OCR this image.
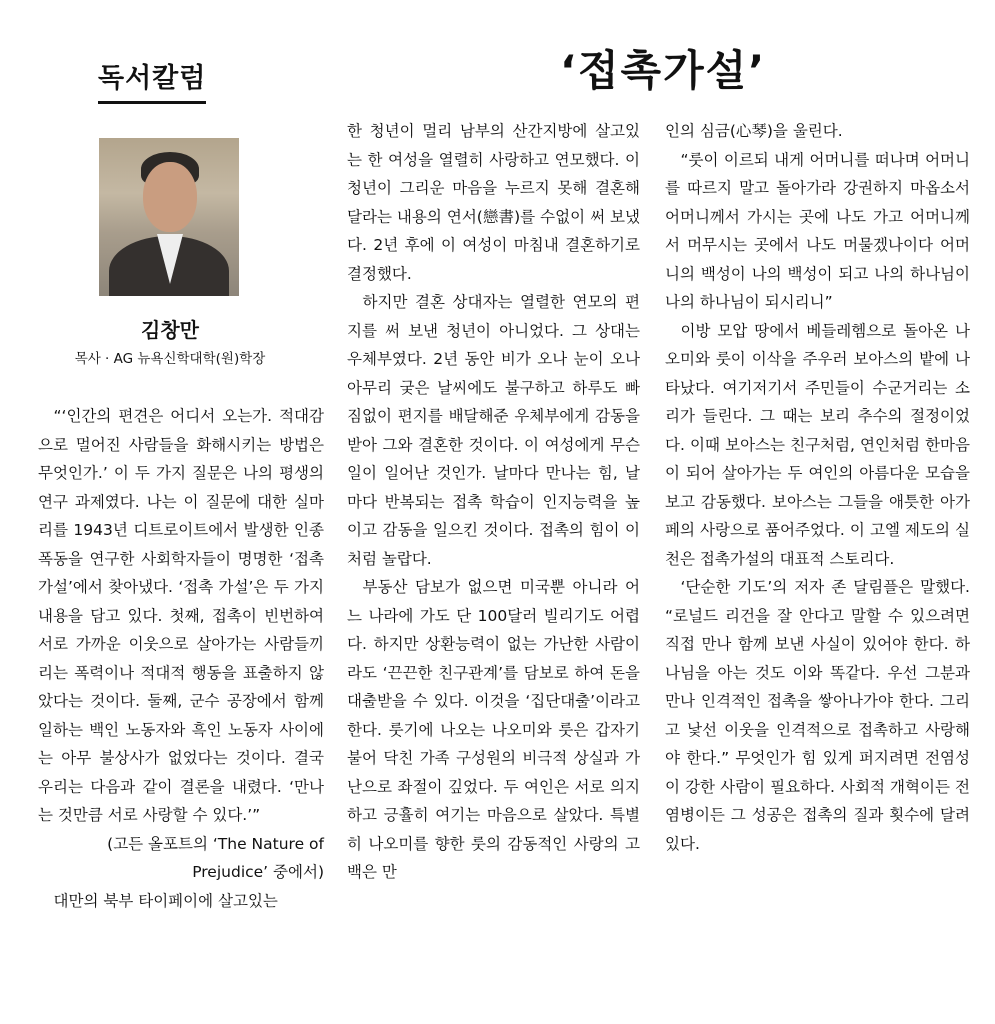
독서칼럼	‘접촉가설’
김창만
목사 · AG 뉴욕신학대학(원)학장

“‘인간의 편견은 어디서 오는가. 적대감으로 멀어진 사람들을 화해시키는 방법은 무엇인가.’ 이 두 가지 질문은 나의 평생의 연구 과제였다. 나는 이 질문에 대한 실마리를 1943년 디트로이트에서 발생한 인종 폭동을 연구한 사회학자들이 명명한 ‘접촉가설’에서 찾아냈다. ‘접촉 가설’은 두 가지 내용을 담고 있다. 첫째, 접촉이 빈번하여 서로 가까운 이웃으로 살아가는 사람들끼리는 폭력이나 적대적 행동을 표출하지 않았다는 것이다. 둘째, 군수 공장에서 함께 일하는 백인 노동자와 흑인 노동자 사이에는 아무 불상사가 없었다는 것이다. 결국 우리는 다음과 같이 결론을 내렸다. ‘만나는 것만큼 서로 사랑할 수 있다.’”

(고든 올포트의 ‘The Nature of Prejudice’ 중에서)

대만의 북부 타이페이에 살고있는

한 청년이 멀리 남부의 산간지방에 살고있는 한 여성을 열렬히 사랑하고 연모했다. 이 청년이 그리운 마음을 누르지 못해 결혼해달라는 내용의 연서(戀書)를 수없이 써 보냈다. 2년 후에 이 여성이 마침내 결혼하기로 결정했다.

하지만 결혼 상대자는 열렬한 연모의 편지를 써 보낸 청년이 아니었다. 그 상대는 우체부였다. 2년 동안 비가 오나 눈이 오나 아무리 궂은 날씨에도 불구하고 하루도 빠짐없이 편지를 배달해준 우체부에게 감동을 받아 그와 결혼한 것이다. 이 여성에게 무슨 일이 일어난 것인가. 날마다 만나는 힘, 날마다 반복되는 접촉 학습이 인지능력을 높이고 감동을 일으킨 것이다. 접촉의 힘이 이처럼 놀랍다.

부동산 담보가 없으면 미국뿐 아니라 어느 나라에 가도 단 100달러 빌리기도 어렵다. 하지만 상환능력이 없는 가난한 사람이라도 ‘끈끈한 친구관계’를 담보로 하여 돈을 대출받을 수 있다. 이것을 ‘집단대출’이라고 한다. 룻기에 나오는 나오미와 룻은 갑자기 불어 닥친 가족 구성원의 비극적 상실과 가난으로 좌절이 깊었다. 두 여인은 서로 의지하고 긍휼히 여기는 마음으로 살았다. 특별히 나오미를 향한 룻의 감동적인 사랑의 고백은 만

인의 심금(心琴)을 울린다.

“룻이 이르되 내게 어머니를 떠나며 어머니를 따르지 말고 돌아가라 강권하지 마옵소서 어머니께서 가시는 곳에 나도 가고 어머니께서 머무시는 곳에서 나도 머물겠나이다 어머니의 백성이 나의 백성이 되고 나의 하나님이 나의 하나님이 되시리니”

이방 모압 땅에서 베들레헴으로 돌아온 나오미와 룻이 이삭을 주우러 보아스의 밭에 나타났다. 여기저기서 주민들이 수군거리는 소리가 들린다. 그 때는 보리 추수의 절정이었다. 이때 보아스는 친구처럼, 연인처럼 한마음이 되어 살아가는 두 여인의 아름다운 모습을 보고 감동했다. 보아스는 그들을 애틋한 아가페의 사랑으로 품어주었다. 이 고엘 제도의 실천은 접촉가설의 대표적 스토리다.

‘단순한 기도’의 저자 존 달림플은 말했다. “로널드 리건을 잘 안다고 말할 수 있으려면 직접 만나 함께 보낸 사실이 있어야 한다. 하나님을 아는 것도 이와 똑같다. 우선 그분과 만나 인격적인 접촉을 쌓아나가야 한다. 그리고 낯선 이웃을 인격적으로 접촉하고 사랑해야 한다.” 무엇인가 힘 있게 퍼지려면 전염성이 강한 사람이 필요하다. 사회적 개혁이든 전염병이든 그 성공은 접촉의 질과 횟수에 달려있다.
